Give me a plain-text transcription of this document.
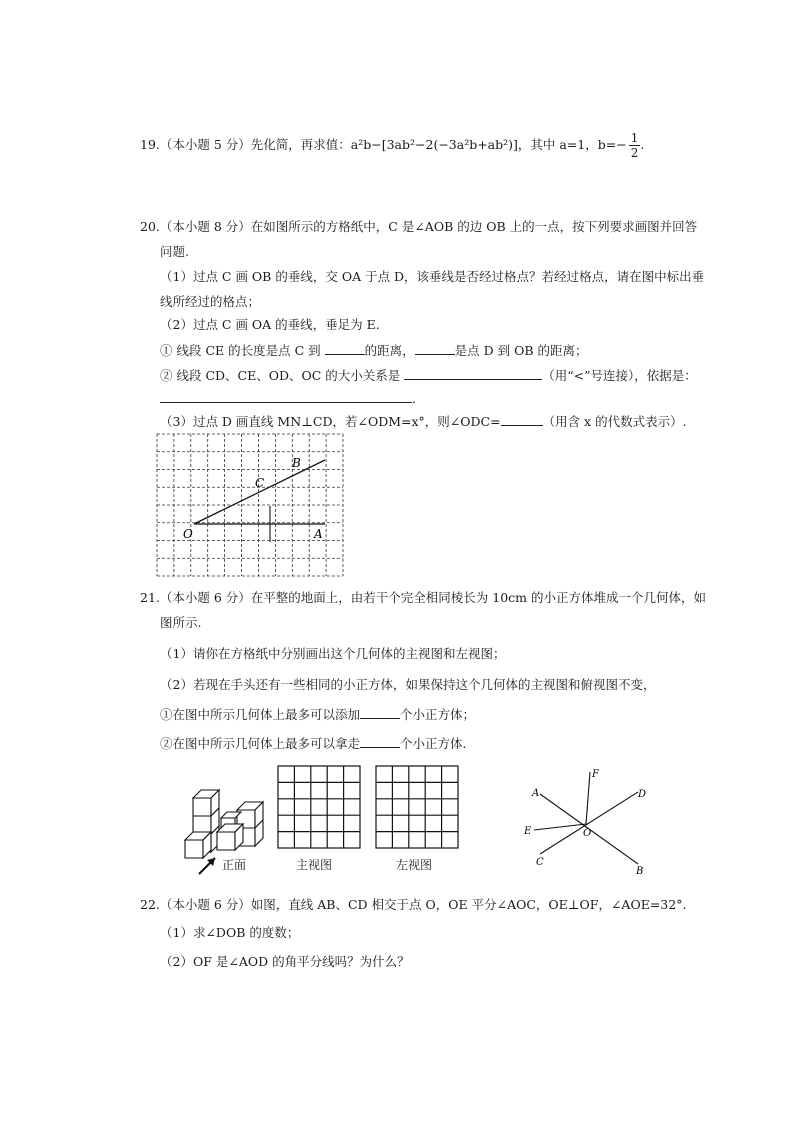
19.（本小题 5 分）先化简，再求值：a²b−[3ab²−2(−3a²b+ab²)]，其中 a=1，$b=- \frac{1}{2}$ .
20.（本小题 8 分）在如图所示的方格纸中，C 是∠AOB 的边 OB 上的一点，按下列要求画图并回答
问题.
（1）过点 C 画 OB 的垂线，交 OA 于点 D，该垂线是否经过格点？若经过格点，请在图中标出垂
线所经过的格点；
（2）过点 C 画 OA 的垂线，垂足为 E.
① 线段 CE 的长度是点 C 到	的距离，	是点 D 到 OB 的距离；
② 线段 CD、CE、OD、OC 的大小关系是	（用“<”号连接），依据是：
.
（3）过点 D 画直线 MN⊥CD，若∠ODM=x°，则∠ODC=	（用含 x 的代数式表示）.
O	A
B
C
21.（本小题 6 分）在平整的地面上，由若干个完全相同棱长为 10cm 的小正方体堆成一个几何体，如
图所示.
（1）请你在方格纸中分别画出这个几何体的主视图和左视图；
（2）若现在手头还有一些相同的小正方体，如果保持这个几何体的主视图和俯视图不变，
①在图中所示几何体上最多可以添加	个小正方体；
②在图中所示几何体上最多可以拿走	个小正方体.
正面	主视图	左视图
A
B
C
D
E
F
O
22.（本小题 6 分）如图，直线 AB、CD 相交于点 O，OE 平分∠AOC，OE⊥OF，∠AOE=32°.
（1）求∠DOB 的度数；
（2）OF 是∠AOD 的角平分线吗？为什么？
